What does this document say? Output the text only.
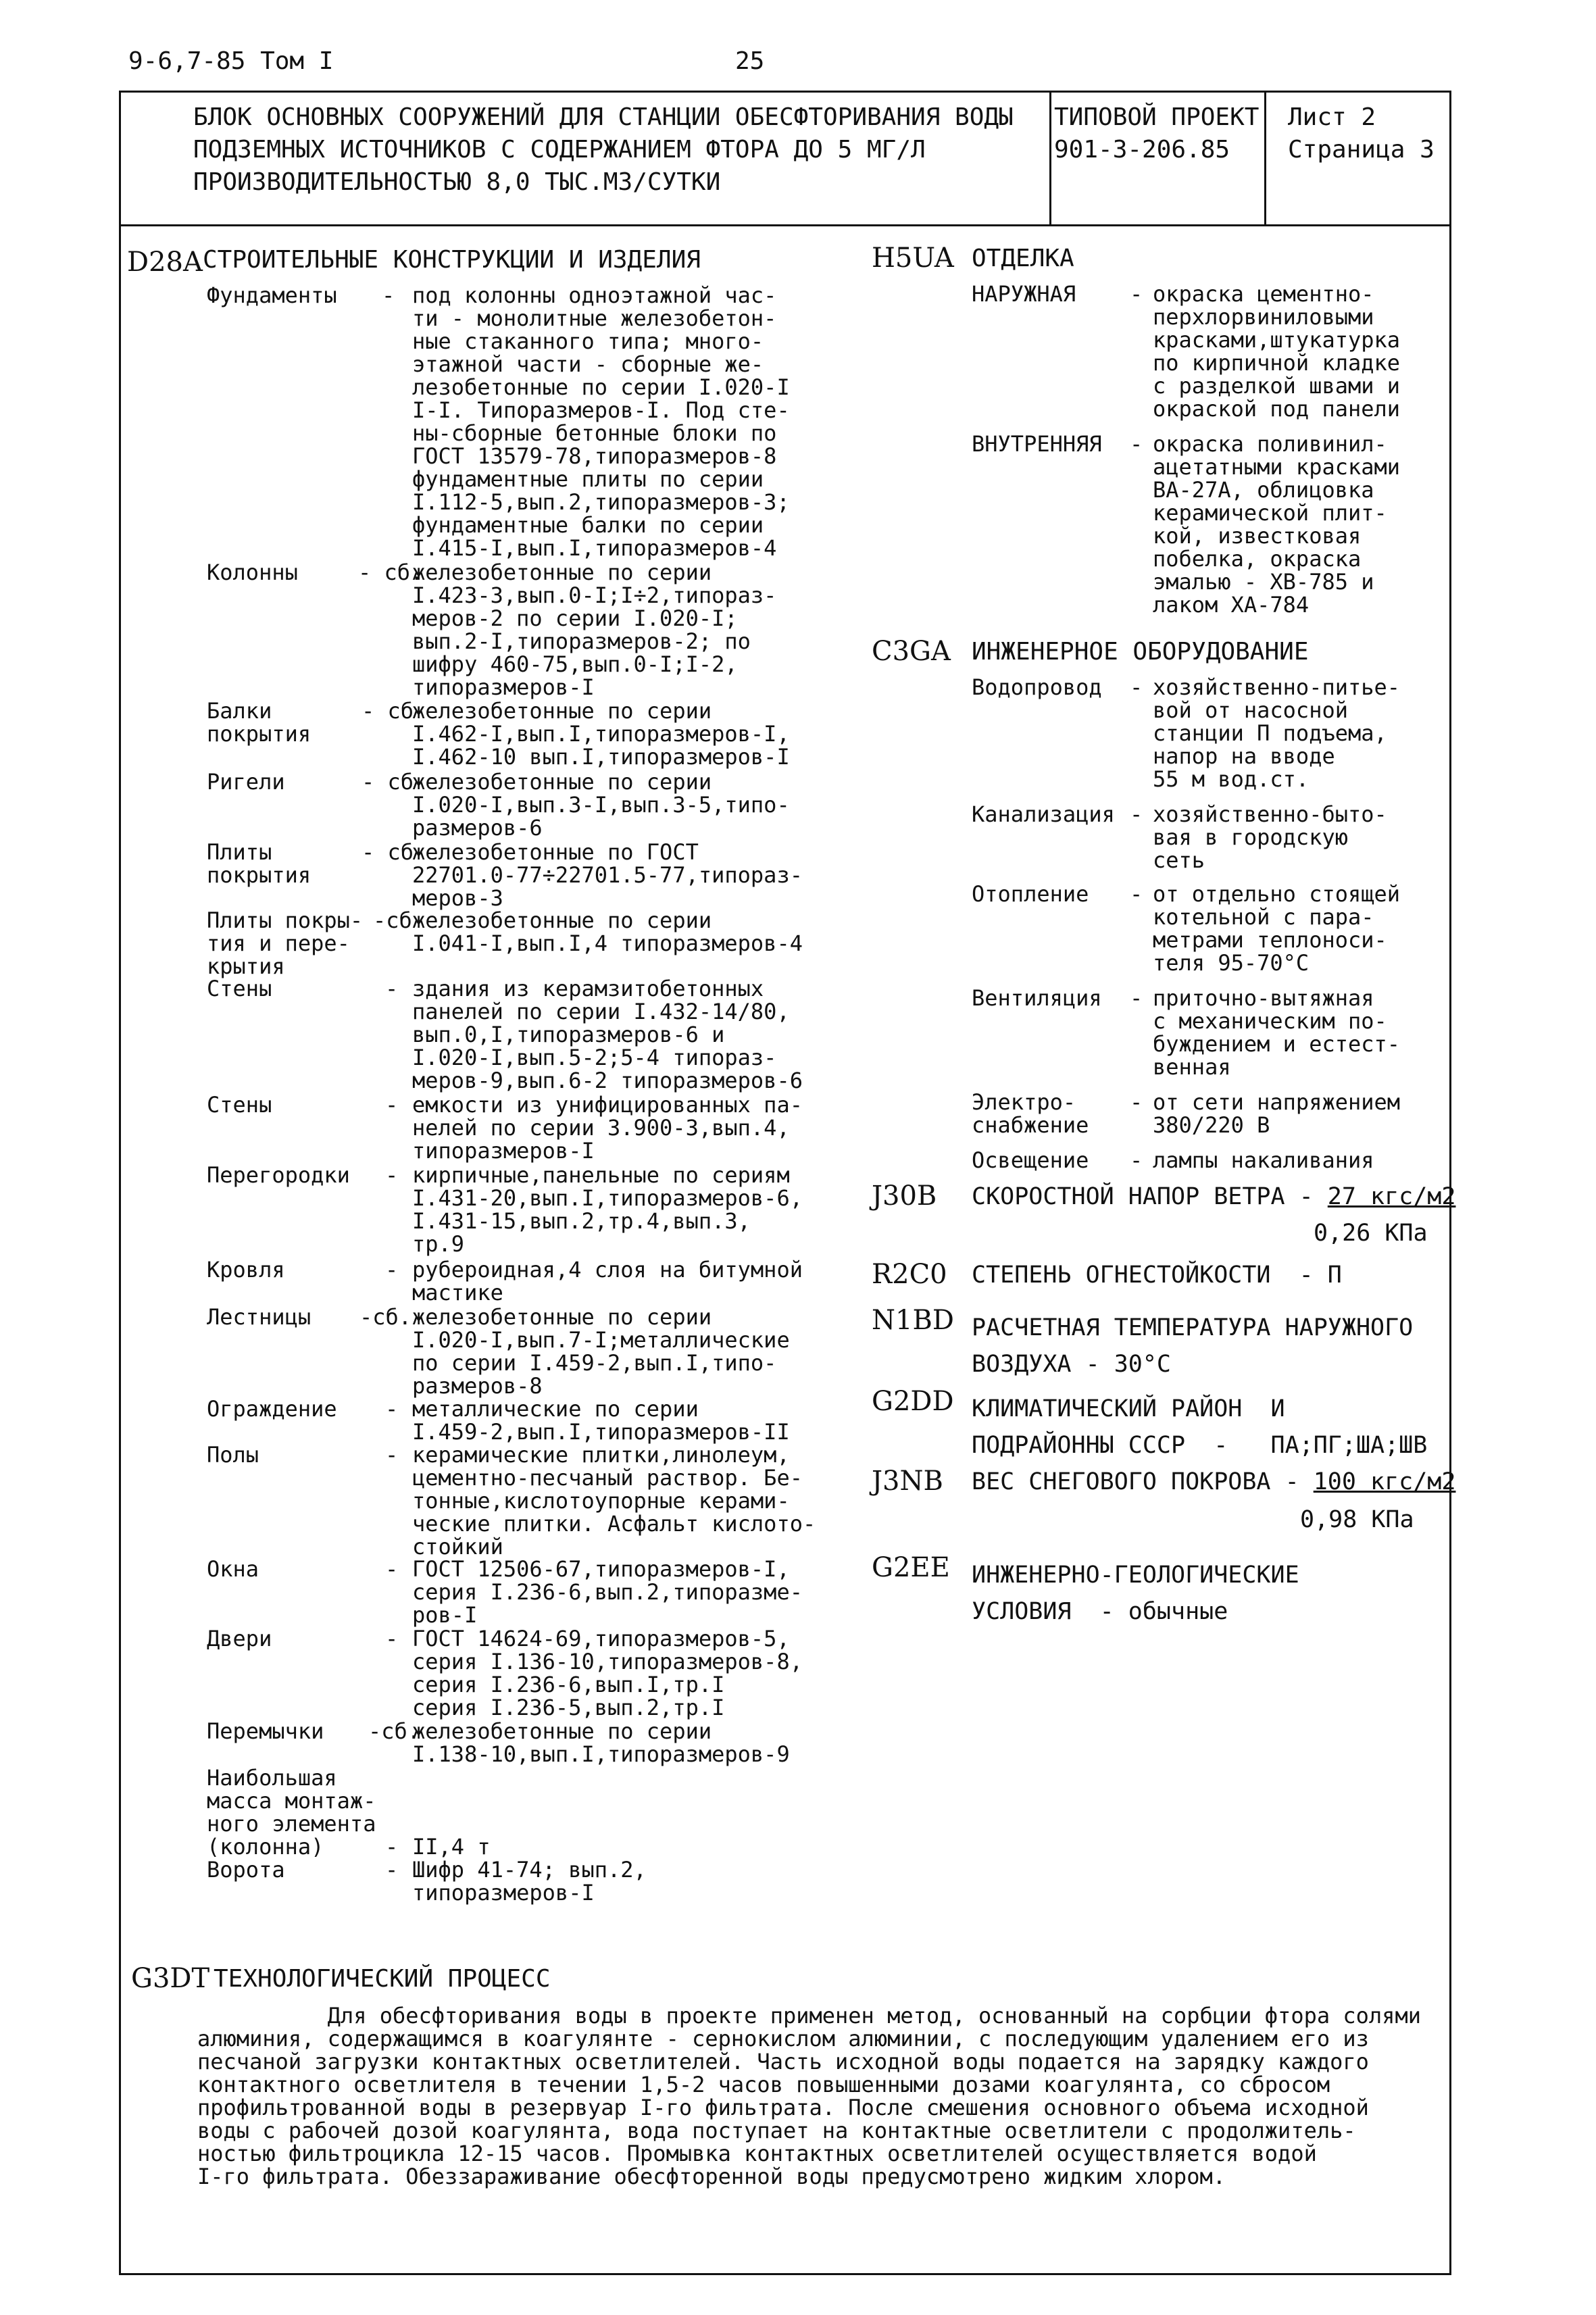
9-6,7-85 Том I	25
БЛОК ОСНОВНЫХ СООРУЖЕНИЙ ДЛЯ СТАНЦИИ ОБЕСФТОРИВАНИЯ ВОДЫ
ПОДЗЕМНЫХ ИСТОЧНИКОВ С СОДЕРЖАНИЕМ ФТОРА ДО 5 МГ/Л
ПРОИЗВОДИТЕЛЬНОСТЬЮ 8,0 ТЫС.М3/СУТКИ
ТИПОВОЙ ПРОЕКТ
901-3-206.85
Лист 2
Страница 3
D28A СТРОИТЕЛЬНЫЕ КОНСТРУКЦИИ И ИЗДЕЛИЯ
Фундаменты - под колонны одноэтажной час-
ти - монолитные железобетон-
ные стаканного типа; много-
этажной части - сборные же-
лезобетонные по серии I.020-I
I-I. Типоразмеров-I. Под сте-
ны-сборные бетонные блоки по
ГОСТ 13579-78,типоразмеров-8
фундаментные плиты по серии
I.112-5,вып.2,типоразмеров-3;
фундаментные балки по серии
I.415-I,вып.I,типоразмеров-4
Колонны	- сб.
железобетонные по серии
I.423-3,вып.0-I;I÷2,типораз-
меров-2 по серии I.020-I;
вып.2-I,типоразмеров-2; по
шифру 460-75,вып.0-I;I-2,
типоразмеров-I
Балки
покрытия
- сб
железобетонные по серии
I.462-I,вып.I,типоразмеров-I,
I.462-10 вып.I,типоразмеров-I
Ригели	- сб
железобетонные по серии
I.020-I,вып.3-I,вып.3-5,типо-
размеров-6
Плиты
покрытия
- сб
железобетонные по ГОСТ
22701.0-77÷22701.5-77,типораз-
меров-3
Плиты покры-
тия и пере-
крытия
-сб железобетонные по серии
I.041-I,вып.I,4 типоразмеров-4
Стены	- здания из керамзитобетонных
панелей по серии I.432-14/80,
вып.0,I,типоразмеров-6 и
I.020-I,вып.5-2;5-4 типораз-
меров-9,вып.6-2 типоразмеров-6
Стены	- емкости из унифицированных па-
нелей по серии 3.900-3,вып.4,
типоразмеров-I
Перегородки - кирпичные,панельные по сериям
I.431-20,вып.I,типоразмеров-6,
I.431-15,вып.2,тр.4,вып.3,
тр.9
Кровля	- рубероидная,4 слоя на битумной
мастике
Лестницы -сб. железобетонные по серии
I.020-I,вып.7-I;металлические
по серии I.459-2,вып.I,типо-
размеров-8
Ограждение - металлические по серии
I.459-2,вып.I,типоразмеров-II
Полы	- керамические плитки,линолеум,
цементно-песчаный раствор. Бе-
тонные,кислотоупорные керами-
ческие плитки. Асфальт кислото-
стойкий
Окна	- ГОСТ 12506-67,типоразмеров-I,
серия I.236-6,вып.2,типоразме-
ров-I
Двери	- ГОСТ 14624-69,типоразмеров-5,
серия I.136-10,типоразмеров-8,
серия I.236-6,вып.I,тр.I
серия I.236-5,вып.2,тр.I
Перемычки -сб.
железобетонные по серии
I.138-10,вып.I,типоразмеров-9
Наибольшая
масса монтаж-
ного элемента
(колонна)	- II,4 т
Ворота	- Шифр 41-74; вып.2,
типоразмеров-I
H5UA ОТДЕЛКА
НАРУЖНАЯ - окраска цементно-
перхлорвиниловыми
красками,штукатурка
по кирпичной кладке
с разделкой швами и
окраской под панели
ВНУТРЕННЯЯ - окраска поливинил-
ацетатными красками
ВА-27А, облицовка
керамической плит-
кой, известковая
побелка, окраска
эмалью - ХВ-785 и
лаком ХА-784
C3GA ИНЖЕНЕРНОЕ ОБОРУДОВАНИЕ
Водопровод - хозяйственно-питье-
вой от насосной
станции П подъема,
напор на вводе
55 м вод.ст.
Канализация - хозяйственно-быто-
вая в городскую
сеть
Отопление - от отдельно стоящей
котельной с пара-
метрами теплоноси-
теля 95-70°С
Вентиляция - приточно-вытяжная
с механическим по-
буждением и естест-
венная
Электро-
снабжение
- от сети напряжением
380/220 В
Освещение - лампы накаливания
J30B СКОРОСТНОЙ НАПОР ВЕТРА - 27 кгс/м2
0,26 КПа
R2C0 СТЕПЕНЬ ОГНЕСТОЙКОСТИ  - П
N1BD РАСЧЕТНАЯ ТЕМПЕРАТУРА НАРУЖНОГО
ВОЗДУХА - 30°С
G2DD КЛИМАТИЧЕСКИЙ РАЙОН  И
ПОДРАЙОННЫ СССР  -   ПА;ПГ;ША;ШВ
J3NB ВЕС СНЕГОВОГО ПОКРОВА - 100 кгс/м2
0,98 КПа
G2EE ИНЖЕНЕРНО-ГЕОЛОГИЧЕСКИЕ
УСЛОВИЯ  - обычные
G3DT ТЕХНОЛОГИЧЕСКИЙ ПРОЦЕСС
Для обесфторивания воды в проекте применен метод, основанный на сорбции фтора солями
алюминия, содержащимся в коагулянте - сернокислом алюминии, с последующим удалением его из
песчаной загрузки контактных осветлителей. Часть исходной воды подается на зарядку каждого
контактного осветлителя в течении 1,5-2 часов повышенными дозами коагулянта, со сбросом
профильтрованной воды в резервуар I-го фильтрата. После смешения основного объема исходной
воды с рабочей дозой коагулянта, вода поступает на контактные осветлители с продолжитель-
ностью фильтроцикла 12-15 часов. Промывка контактных осветлителей осуществляется водой
I-го фильтрата. Обеззараживание обесфторенной воды предусмотрено жидким хлором.
